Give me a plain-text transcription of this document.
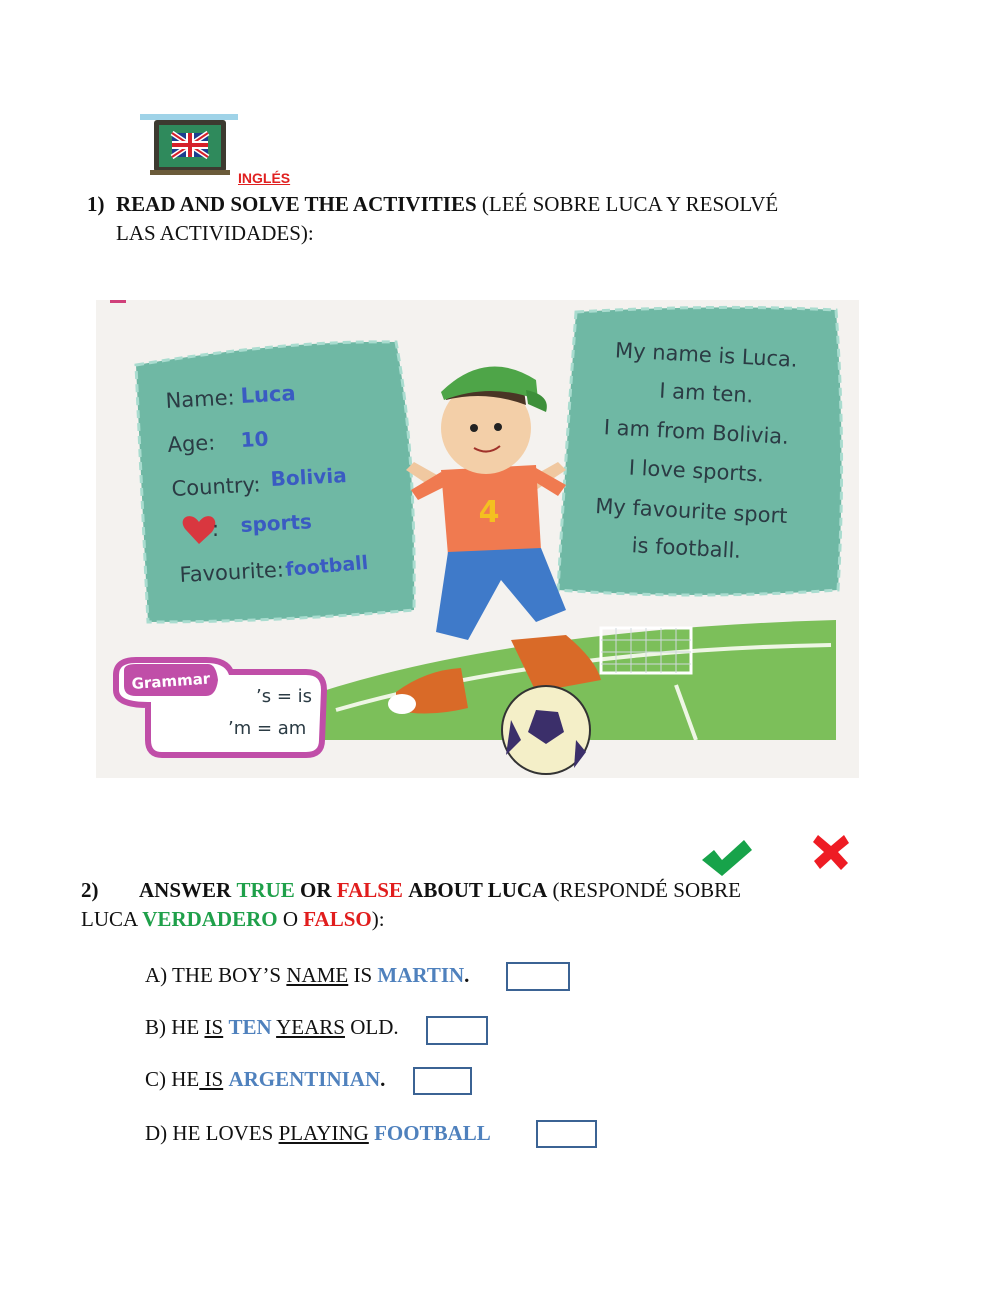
INGLÉS
1) READ AND SOLVE THE ACTIVITIES (LEÉ SOBRE LUCA Y RESOLVÉ

LAS ACTIVIDADES):
Name: Luca
Age: 10
Country: Bolivia
: sports
Favourite: football
My name is Luca.
I am ten.
I am from Bolivia.
I love sports.
My favourite sport
is football.
4
Grammar
’s = is
’m = am
2) ANSWER TRUE OR FALSE ABOUT LUCA (RESPONDÉ SOBRE
LUCA VERDADERO O FALSO):
A) THE BOY’S NAME IS MARTIN.
B) HE IS TEN YEARS OLD.
C) HE IS ARGENTINIAN.
D) HE LOVES PLAYING FOOTBALL
